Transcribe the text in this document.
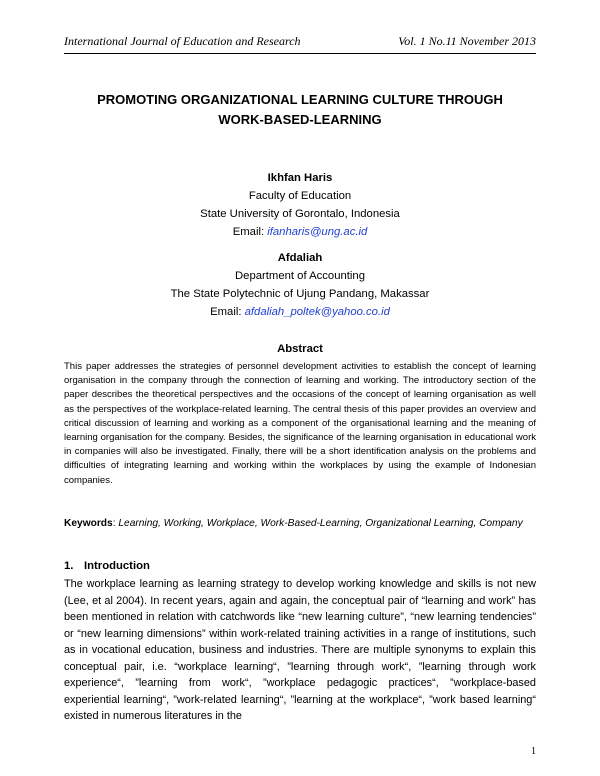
International Journal of Education and Research	Vol. 1 No.11 November 2013
PROMOTING ORGANIZATIONAL LEARNING CULTURE THROUGH
WORK-BASED-LEARNING
Ikhfan Haris
Faculty of Education
State University of Gorontalo, Indonesia
Email: ifanharis@ung.ac.id
Afdaliah
Department of Accounting
The State Polytechnic of Ujung Pandang, Makassar
Email: afdaliah_poltek@yahoo.co.id
Abstract
This paper addresses the strategies of personnel development activities to establish the concept of learning organisation in the company through the connection of learning and working. The introductory section of the paper describes the theoretical perspectives and the occasions of the concept of learning organisation as well as the perspectives of the workplace-related learning. The central thesis of this paper provides an overview and critical discussion of learning and working as a component of the organisational learning and the meaning of learning organisation for the company. Besides, the significance of the learning organisation in educational work in companies will also be investigated. Finally, there will be a short identification analysis on the problems and difficulties of integrating learning and working within the workplaces by using the example of Indonesian companies.
Keywords: Learning, Working, Workplace, Work-Based-Learning, Organizational Learning, Company
1. Introduction
The workplace learning as learning strategy to develop working knowledge and skills is not new (Lee, et al 2004). In recent years, again and again, the conceptual pair of “learning and work” has been mentioned in relation with catchwords like “new learning culture”, “new learning tendencies” or “new learning dimensions” within work-related training activities in a range of institutions, such as in vocational education, business and industries. There are multiple synonyms to explain this conceptual pair, i.e. “workplace learning“, ”learning through work“, ”learning through work experience“, ”learning from work“, ”workplace pedagogic practices“, ”workplace-based experiential learning“, ”work-related learning“, ”learning at the workplace“, ”work based learning“ existed in numerous literatures in the
1
